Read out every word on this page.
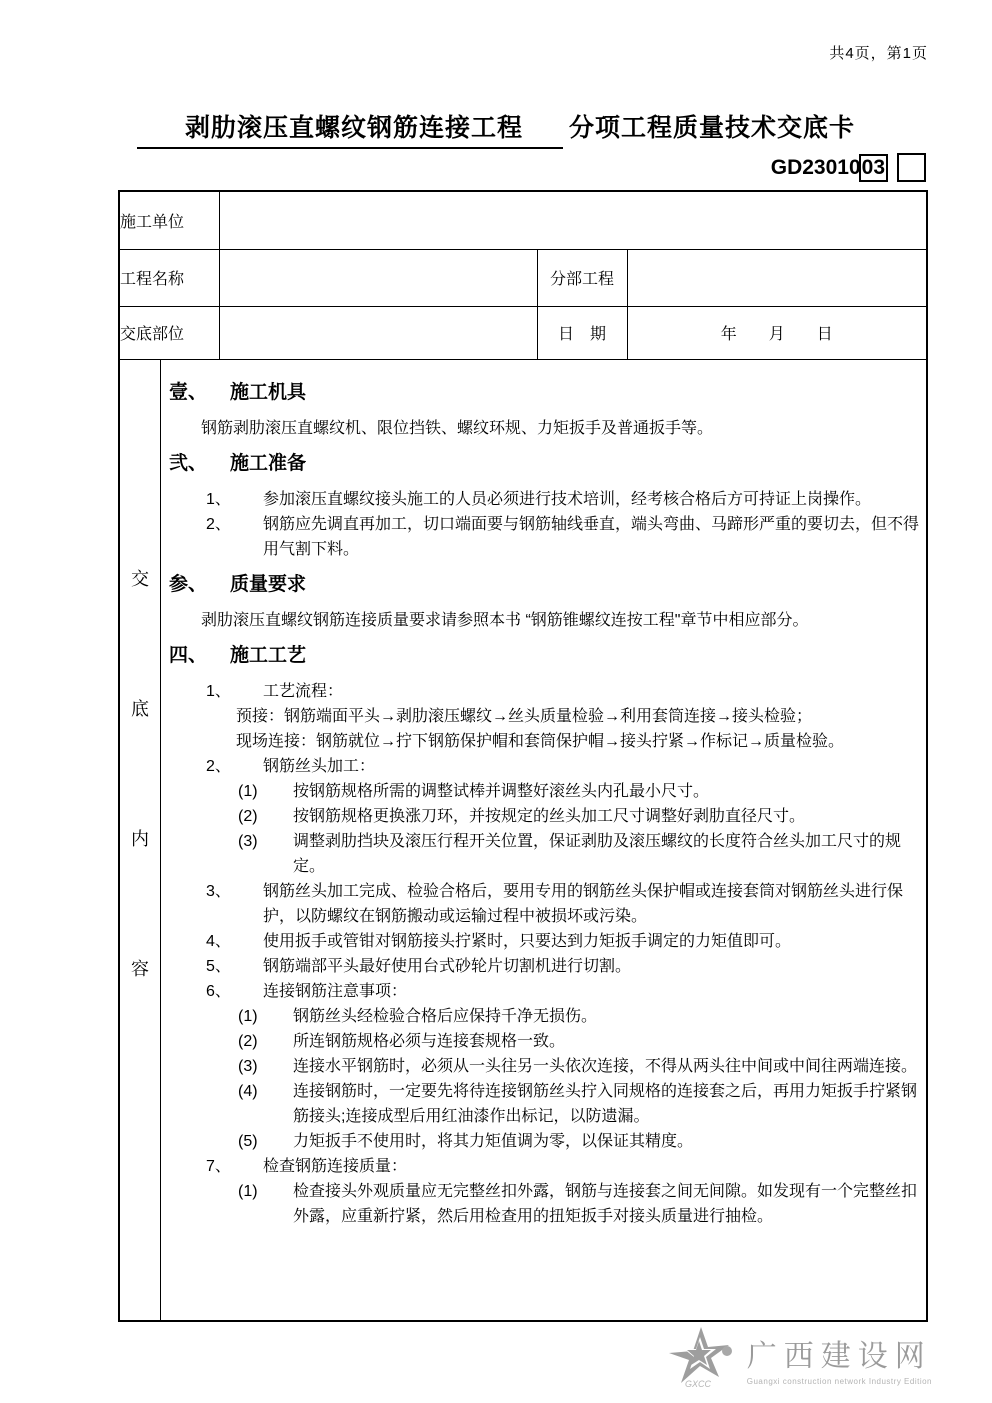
共4页，第1页
剥肋滚压直螺纹钢筋连接工程 分项工程质量技术交底卡
GD23010 03
施工单位			
工程名称		分部工程	
交底部位		日　期	年　　月　　日

交
底
内
容
壹、	施工机具
钢筋剥肋滚压直螺纹机、限位挡铁、螺纹环规、力矩扳手及普通扳手等。
弐、	施工准备
1、	参加滚压直螺纹接头施工的人员必须进行技术培训，经考核合格后方可持证上岗操作。
2、	钢筋应先调直再加工，切口端面要与钢筋轴线垂直，端头弯曲、马蹄形严重的要切去，但不得用气割下料。
参、	质量要求
剥肋滚压直螺纹钢筋连接质量要求请参照本书 “钢筋锥螺纹连按工程"章节中相应部分。
四、	施工工艺
1、	工艺流程：
预接：钢筋端面平头→剥肋滚压螺纹→丝头质量检验→利用套筒连接→接头检验；
现场连接：钢筋就位→拧下钢筋保护帽和套筒保护帽→接头拧紧→作标记→质量检验。
2、	钢筋丝头加工：
(1)	按钢筋规格所需的调整试棒并调整好滚丝头内孔最小尺寸。
(2)	按钢筋规格更换涨刀环，并按规定的丝头加工尺寸调整好剥肋直径尺寸。
(3)	调整剥肋挡块及滚压行程开关位置，保证剥肋及滚压螺纹的长度符合丝头加工尺寸的规定。
3、	钢筋丝头加工完成、检验合格后，要用专用的钢筋丝头保护帽或连接套筒对钢筋丝头进行保护，以防螺纹在钢筋搬动或运输过程中被损坏或污染。
4、	使用扳手或管钳对钢筋接头拧紧时，只要达到力矩扳手调定的力矩值即可。
5、	钢筋端部平头最好使用台式砂轮片切割机进行切割。
6、	连接钢筋注意事项：
(1)	钢筋丝头经检验合格后应保持千净无损伤。
(2)	所连钢筋规格必须与连接套规格一致。
(3)	连接水平钢筋时，必须从一头往另一头依次连接，不得从两头往中间或中间往两端连接。
(4)	连接钢筋时，一定要先将待连接钢筋丝头拧入同规格的连接套之后，再用力矩扳手拧紧钢筋接头;连接成型后用红油漆作出标记，以防遗漏。
(5)	力矩扳手不使用时，将其力矩值调为零，以保证其精度。
7、	检查钢筋连接质量：
(1)	检查接头外观质量应无完整丝扣外露，钢筋与连接套之间无间隙。如发现有一个完整丝扣外露，应重新拧紧，然后用检查用的扭矩扳手对接头质量进行抽检。
GXCC
广西建设网
Guangxi construction network Industry Edition
